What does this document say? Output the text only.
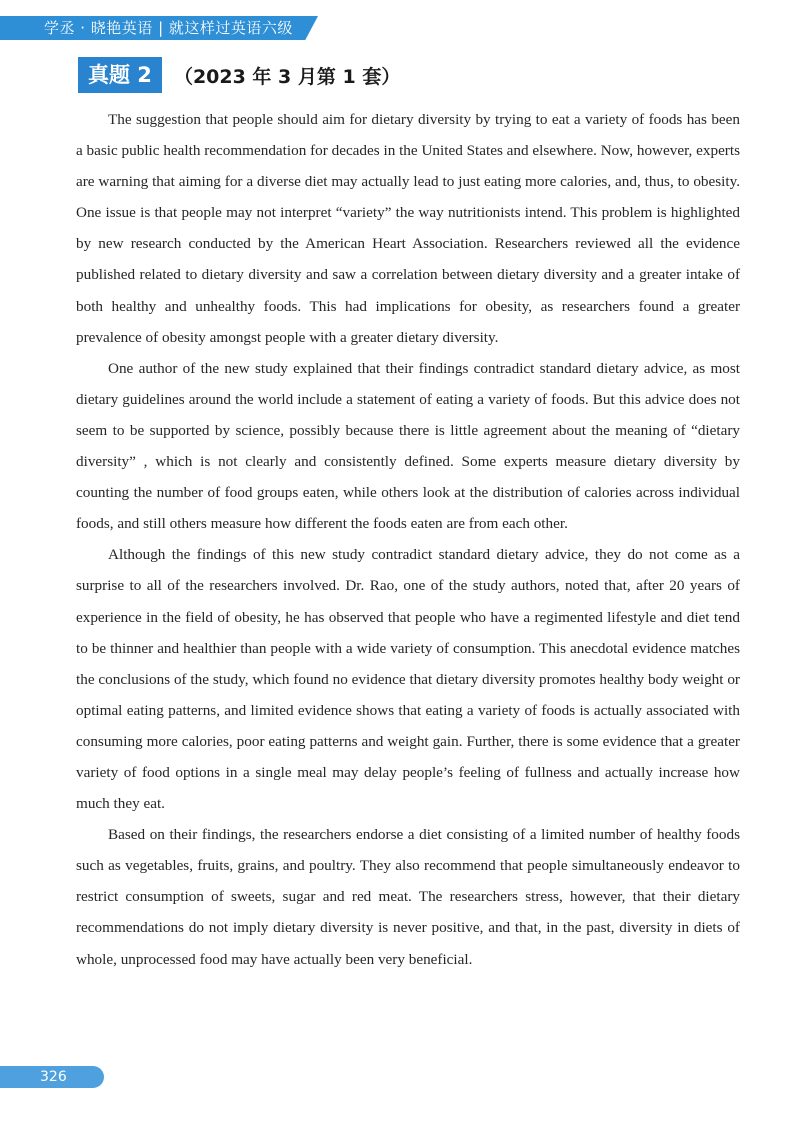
学丞 · 晓艳英语 | 就这样过英语六级
真题 2	（2023 年 3 月第 1 套）

The suggestion that people should aim for dietary diversity by trying to eat a variety of foods has been a basic public health recommendation for decades in the United States and elsewhere. Now, however, experts are warning that aiming for a diverse diet may actually lead to just eating more calories, and, thus, to obesity. One issue is that people may not interpret “variety” the way nutritionists intend. This problem is highlighted by new research conducted by the American Heart Association. Researchers reviewed all the evidence published related to dietary diversity and saw a correlation between dietary diversity and a greater intake of both healthy and unhealthy foods. This had implications for obesity, as researchers found a greater prevalence of obesity amongst people with a greater dietary diversity.

One author of the new study explained that their findings contradict standard dietary advice, as most dietary guidelines around the world include a statement of eating a variety of foods. But this advice does not seem to be supported by science, possibly because there is little agreement about the meaning of “dietary diversity” , which is not clearly and consistently defined. Some experts measure dietary diversity by counting the number of food groups eaten, while others look at the distribution of calories across individual foods, and still others measure how different the foods eaten are from each other.

Although the findings of this new study contradict standard dietary advice, they do not come as a surprise to all of the researchers involved. Dr. Rao, one of the study authors, noted that, after 20 years of experience in the field of obesity, he has observed that people who have a regimented lifestyle and diet tend to be thinner and healthier than people with a wide variety of consumption. This anecdotal evidence matches the conclusions of the study, which found no evidence that dietary diversity promotes healthy body weight or optimal eating patterns, and limited evidence shows that eating a variety of foods is actually associated with consuming more calories, poor eating patterns and weight gain. Further, there is some evidence that a greater variety of food options in a single meal may delay people’s feeling of fullness and actually increase how much they eat.

Based on their findings, the researchers endorse a diet consisting of a limited number of healthy foods such as vegetables, fruits, grains, and poultry. They also recommend that people simultaneously endeavor to restrict consumption of sweets, sugar and red meat. The researchers stress, however, that their dietary recommendations do not imply dietary diversity is never positive, and that, in the past, diversity in diets of whole, unprocessed food may have actually been very beneficial.

326
